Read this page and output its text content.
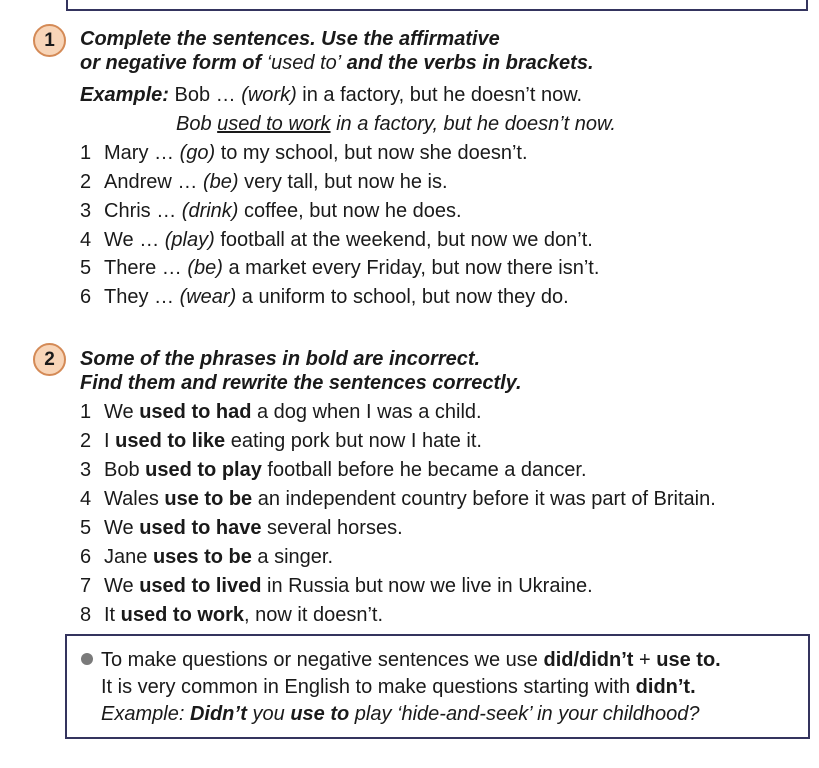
1 Complete the sentences. Use the affirmative
or negative form of ‘used to’ and the verbs in brackets.
Example: Bob … (work) in a factory, but he doesn’t now.
Bob used to work in a factory, but he doesn’t now.
1 Mary … (go) to my school, but now she doesn’t.
2 Andrew … (be) very tall, but now he is.
3 Chris … (drink) coffee, but now he does.
4 We … (play) football at the weekend, but now we don’t.
5 There … (be) a market every Friday, but now there isn’t.
6 They … (wear) a uniform to school, but now they do.
2 Some of the phrases in bold are incorrect.
Find them and rewrite the sentences correctly.
1 We used to had a dog when I was a child.
2 I used to like eating pork but now I hate it.
3 Bob used to play football before he became a dancer.
4 Wales use to be an independent country before it was part of Britain.
5 We used to have several horses.
6 Jane uses to be a singer.
7 We used to lived in Russia but now we live in Ukraine.
8 It used to work, now it doesn’t.
To make questions or negative sentences we use did/didn’t + use to.
It is very common in English to make questions starting with didn’t.
Example: Didn’t you use to play ‘hide-and-seek’ in your childhood?
